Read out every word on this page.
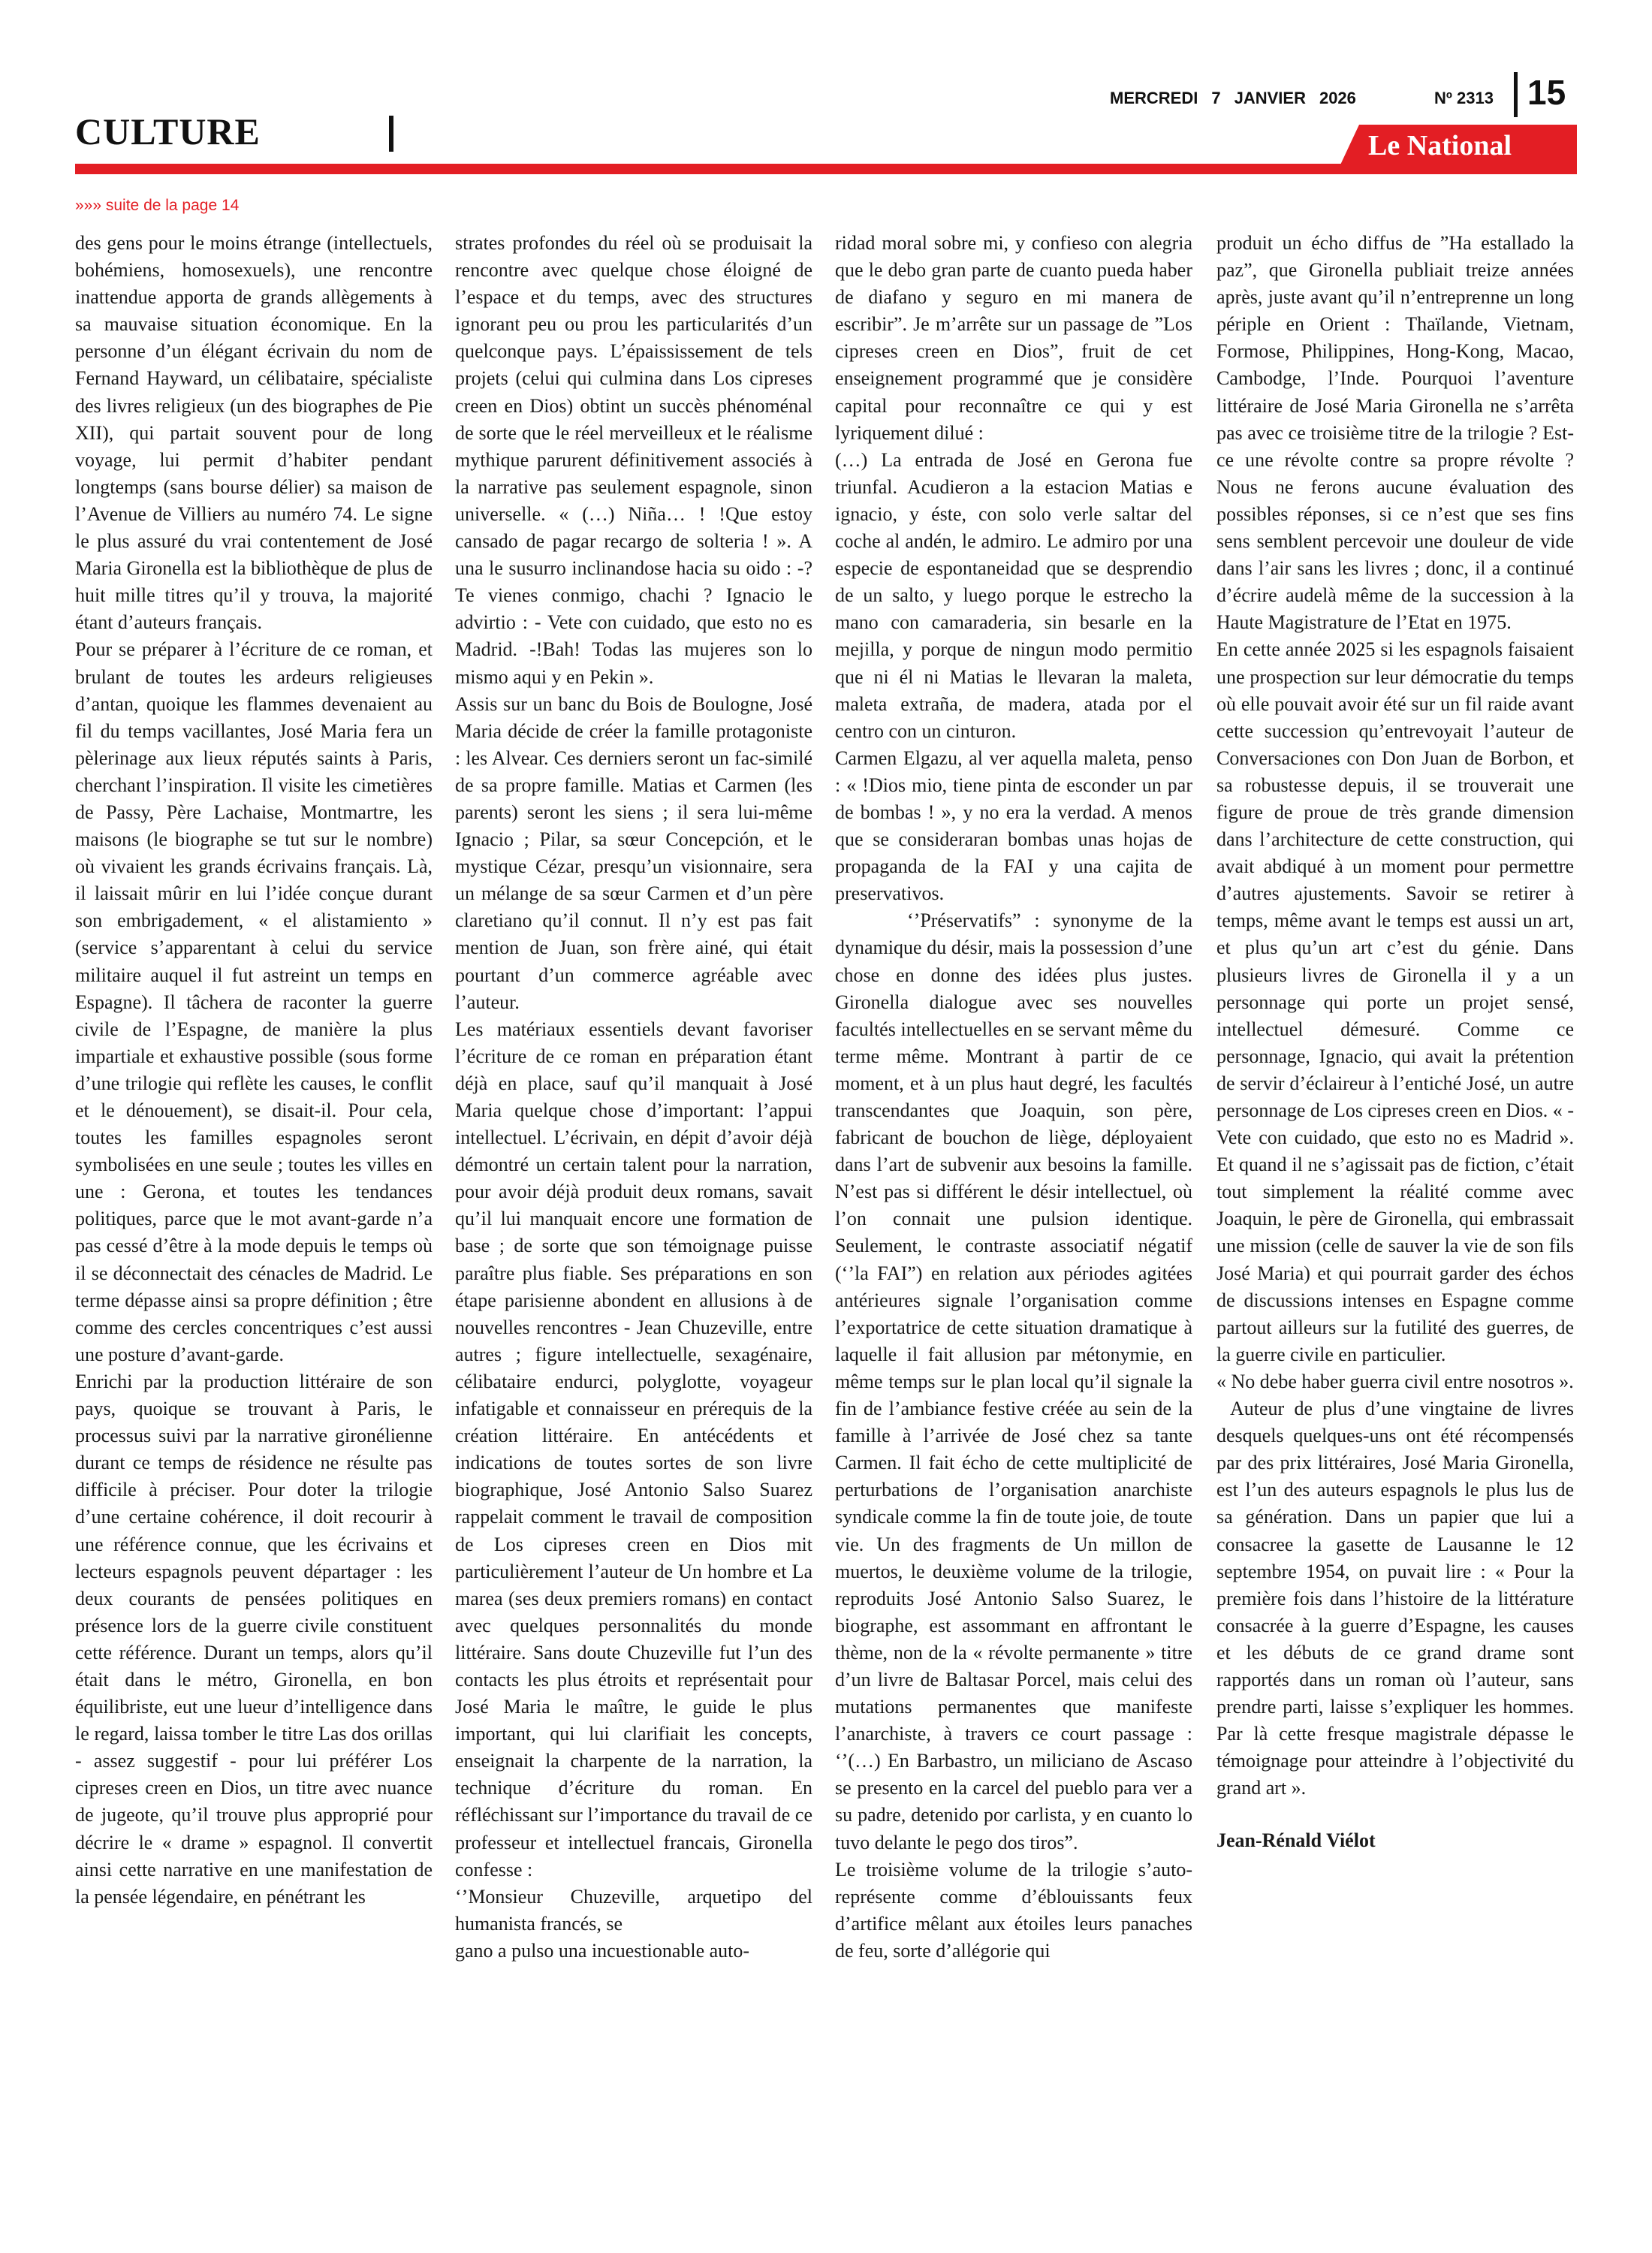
CULTURE
MERCREDI 7 JANVIER 2026	Nº 2313 15
Le National
»»» suite de la page 14

des gens pour le moins étrange (intellectuels, bohémiens, homosexuels), une rencontre inattendue apporta de grands allègements à sa mauvaise situation économique. En la personne d’un élégant écrivain du nom de Fernand Hayward, un célibataire, spécialiste des livres religieux (un des biographes de Pie XII), qui partait souvent pour de long voyage, lui permit d’habiter pendant longtemps (sans bourse délier) sa maison de l’Avenue de Villiers au numéro 74. Le signe le plus assuré du vrai contentement de José Maria Gironella est la bibliothèque de plus de huit mille titres qu’il y trouva, la majorité étant d’auteurs français.

Pour se préparer à l’écriture de ce roman, et brulant de toutes les ardeurs religieuses d’antan, quoique les flammes devenaient au fil du temps vacillantes, José Maria fera un pèlerinage aux lieux réputés saints à Paris, cherchant l’inspiration. Il visite les cimetières de Passy, Père Lachaise, Montmartre, les maisons (le biographe se tut sur le nombre) où vivaient les grands écrivains français. Là, il laissait mûrir en lui l’idée conçue durant son embrigadement, « el alistamiento » (service s’apparentant à celui du service militaire auquel il fut astreint un temps en Espagne). Il tâchera de raconter la guerre civile de l’Espagne, de manière la plus impartiale et exhaustive possible (sous forme d’une trilogie qui reflète les causes, le conflit et le dénouement), se disait-il. Pour cela, toutes les familles espagnoles seront symbolisées en une seule ; toutes les villes en une : Gerona, et toutes les tendances politiques, parce que le mot avant-garde n’a pas cessé d’être à la mode depuis le temps où il se déconnectait des cénacles de Madrid. Le terme dépasse ainsi sa propre définition ; être comme des cercles concentriques c’est aussi une posture d’avant-garde.

Enrichi par la production littéraire de son pays, quoique se trouvant à Paris, le processus suivi par la narrative gironélienne durant ce temps de résidence ne résulte pas difficile à préciser. Pour doter la trilogie d’une certaine cohérence, il doit recourir à une référence connue, que les écrivains et lecteurs espagnols peuvent départager : les deux courants de pensées politiques en présence lors de la guerre civile constituent cette référence. Durant un temps, alors qu’il était dans le métro, Gironella, en bon équilibriste, eut une lueur d’intelligence dans le regard, laissa tomber le titre Las dos orillas - assez suggestif - pour lui préférer Los cipreses creen en Dios, un titre avec nuance de jugeote, qu’il trouve plus approprié pour décrire le « drame » espagnol. Il convertit ainsi cette narrative en une manifestation de la pensée légendaire, en pénétrant les

strates profondes du réel où se produisait la rencontre avec quelque chose éloigné de l’espace et du temps, avec des structures ignorant peu ou prou les particularités d’un quelconque pays. L’épaississement de tels projets (celui qui culmina dans Los cipreses creen en Dios) obtint un succès phénoménal de sorte que le réel merveilleux et le réalisme mythique parurent définitivement associés à la narrative pas seulement espagnole, sinon universelle. « (…) Niña… ! !Que estoy cansado de pagar recargo de solteria ! ». A una le susurro inclinandose hacia su oido : -?Te vienes conmigo, chachi ? Ignacio le advirtio : - Vete con cuidado, que esto no es Madrid. -!Bah! Todas las mujeres son lo mismo aqui y en Pekin ».

Assis sur un banc du Bois de Boulogne, José Maria décide de créer la famille protagoniste : les Alvear. Ces derniers seront un fac-similé de sa propre famille. Matias et Carmen (les parents) seront les siens ; il sera lui-même Ignacio ; Pilar, sa sœur Concepción, et le mystique Cézar, presqu’un visionnaire, sera un mélange de sa sœur Carmen et d’un père claretiano qu’il connut. Il n’y est pas fait mention de Juan, son frère ainé, qui était pourtant d’un commerce agréable avec l’auteur.

Les matériaux essentiels devant favoriser l’écriture de ce roman en préparation étant déjà en place, sauf qu’il manquait à José Maria quelque chose d’important: l’appui intellectuel. L’écrivain, en dépit d’avoir déjà démontré un certain talent pour la narration, pour avoir déjà produit deux romans, savait qu’il lui manquait encore une formation de base ; de sorte que son témoignage puisse paraître plus fiable. Ses préparations en son étape parisienne abondent en allusions à de nouvelles rencontres - Jean Chuzeville, entre autres ; figure intellectuelle, sexagénaire, célibataire endurci, polyglotte, voyageur infatigable et connaisseur en prérequis de la création littéraire. En antécédents et indications de toutes sortes de son livre biographique, José Antonio Salso Suarez rappelait comment le travail de composition de Los cipreses creen en Dios mit particulièrement l’auteur de Un hombre et La marea (ses deux premiers romans) en contact avec quelques personnalités du monde littéraire. Sans doute Chuzeville fut l’un des contacts les plus étroits et représentait pour José Maria le maître, le guide le plus important, qui lui clarifiait les concepts, enseignait la charpente de la narration, la technique d’écriture du roman. En réfléchissant sur l’importance du travail de ce professeur et intellectuel francais, Gironella confesse :

‘’Monsieur Chuzeville, arquetipo del humanista francés, se

gano a pulso una incuestionable auto-

ridad moral sobre mi, y confieso con alegria que le debo gran parte de cuanto pueda haber de diafano y seguro en mi manera de escribir”. Je m’arrête sur un passage de ”Los cipreses creen en Dios”, fruit de cet enseignement programmé que je considère capital pour reconnaître ce qui y est lyriquement dilué :

(…) La entrada de José en Gerona fue triunfal. Acudieron a la estacion Matias e ignacio, y éste, con solo verle saltar del coche al andén, le admiro. Le admiro por una especie de espontaneidad que se desprendio de un salto, y luego porque le estrecho la mano con camaraderia, sin besarle en la mejilla, y porque de ningun modo permitio que ni él ni Matias le llevaran la maleta, maleta extraña, de madera, atada por el centro con un cinturon.

Carmen Elgazu, al ver aquella maleta, penso : « !Dios mio, tiene pinta de esconder un par de bombas ! », y no era la verdad. A menos que se consideraran bombas unas hojas de propaganda de la FAI y una cajita de preservativos.

‘’Préservatifs” : synonyme de la dynamique du désir, mais la possession d’une chose en donne des idées plus justes. Gironella dialogue avec ses nouvelles facultés intellectuelles en se servant même du terme même. Montrant à partir de ce moment, et à un plus haut degré, les facultés transcendantes que Joaquin, son père, fabricant de bouchon de liège, déployaient dans l’art de subvenir aux besoins la famille. N’est pas si différent le désir intellectuel, où l’on connait une pulsion identique. Seulement, le contraste associatif négatif (‘’la FAI”) en relation aux périodes agitées antérieures signale l’organisation comme l’exportatrice de cette situation dramatique à laquelle il fait allusion par métonymie, en même temps sur le plan local qu’il signale la fin de l’ambiance festive créée au sein de la famille à l’arrivée de José chez sa tante Carmen. Il fait écho de cette multiplicité de perturbations de l’organisation anarchiste syndicale comme la fin de toute joie, de toute vie. Un des fragments de Un millon de muertos, le deuxième volume de la trilogie, reproduits José Antonio Salso Suarez, le biographe, est assommant en affrontant le thème, non de la « révolte permanente » titre d’un livre de Baltasar Porcel, mais celui des mutations permanentes que manifeste l’anarchiste, à travers ce court passage : ‘’(…) En Barbastro, un miliciano de Ascaso se presento en la carcel del pueblo para ver a su padre, detenido por carlista, y en cuanto lo tuvo delante le pego dos tiros”.

Le troisième volume de la trilogie s’auto-représente comme d’éblouissants feux d’artifice mêlant aux étoiles leurs panaches de feu, sorte d’allégorie qui

produit un écho diffus de ”Ha estallado la paz”, que Gironella publiait treize années après, juste avant qu’il n’entreprenne un long périple en Orient : Thaïlande, Vietnam, Formose, Philippines, Hong-Kong, Macao, Cambodge, l’Inde. Pourquoi l’aventure littéraire de José Maria Gironella ne s’arrêta pas avec ce troisième titre de la trilogie ? Est-ce une révolte contre sa propre révolte ? Nous ne ferons aucune évaluation des possibles réponses, si ce n’est que ses fins sens semblent percevoir une douleur de vide dans l’air sans les livres ; donc, il a continué d’écrire audelà même de la succession à la Haute Magistrature de l’Etat en 1975.

En cette année 2025 si les espagnols faisaient une prospection sur leur démocratie du temps où elle pouvait avoir été sur un fil raide avant cette succession qu’entrevoyait l’auteur de Conversaciones con Don Juan de Borbon, et sa robustesse depuis, il se trouverait une figure de proue de très grande dimension dans l’architecture de cette construction, qui avait abdiqué à un moment pour permettre d’autres ajustements. Savoir se retirer à temps, même avant le temps est aussi un art, et plus qu’un art c’est du génie. Dans plusieurs livres de Gironella il y a un personnage qui porte un projet sensé, intellectuel démesuré. Comme ce personnage, Ignacio, qui avait la prétention de servir d’éclaireur à l’entiché José, un autre personnage de Los cipreses creen en Dios. « -Vete con cuidado, que esto no es Madrid ». Et quand il ne s’agissait pas de fiction, c’était tout simplement la réalité comme avec Joaquin, le père de Gironella, qui embrassait une mission (celle de sauver la vie de son fils José Maria) et qui pourrait garder des échos de discussions intenses en Espagne comme partout ailleurs sur la futilité des guerres, de la guerre civile en particulier.

« No debe haber guerra civil entre nosotros ».

Auteur de plus d’une vingtaine de livres desquels quelques-uns ont été récompensés par des prix littéraires, José Maria Gironella, est l’un des auteurs espagnols le plus lus de sa génération. Dans un papier que lui a consacree la gasette de Lausanne le 12 septembre 1954, on puvait lire : « Pour la première fois dans l’histoire de la littérature consacrée à la guerre d’Espagne, les causes et les débuts de ce grand drame sont rapportés dans un roman où l’auteur, sans prendre parti, laisse s’expliquer les hommes. Par là cette fresque magistrale dépasse le témoignage pour atteindre à l’objectivité du grand art ».

Jean-Rénald Viélot
